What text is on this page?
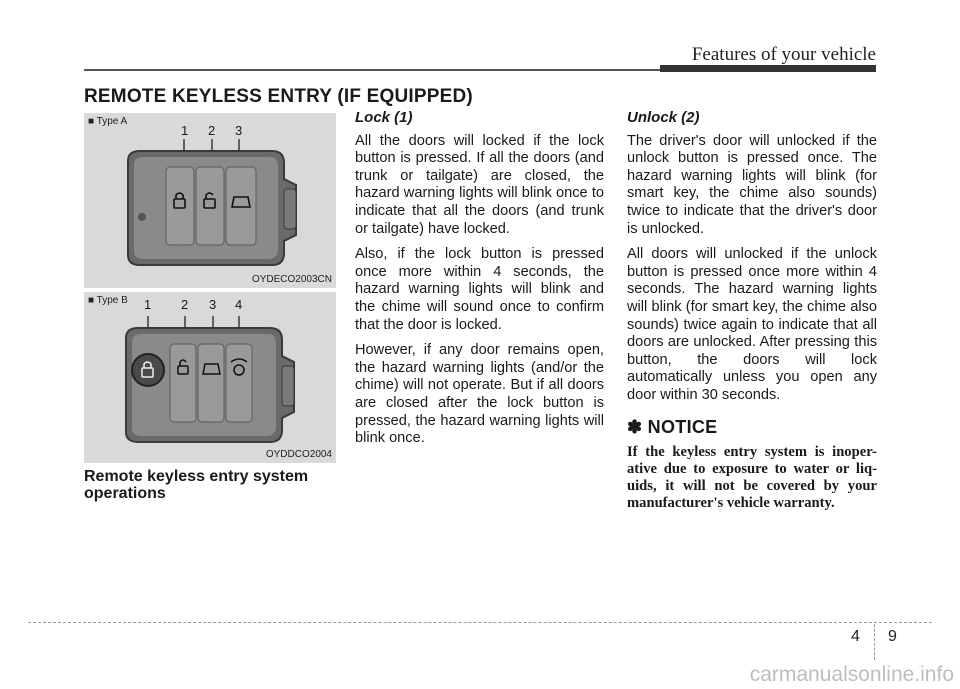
Features of your vehicle
REMOTE KEYLESS ENTRY (IF EQUIPPED)
■ Type A
1 2 3
OYDECO2003CN
■ Type B 1 2 3 4
OYDDCO2004
Remote keyless entry system operations
Lock (1)

All the doors will locked if the lock button is pressed. If all the doors (and trunk or tailgate) are closed, the hazard warning lights will blink once to indicate that all the doors (and trunk or tailgate) have locked.

Also, if the lock button is pressed once more within 4 seconds, the hazard warning lights will blink and the chime will sound once to confirm that the door is locked.

However, if any door remains open, the hazard warning lights (and/or the chime) will not operate. But if all doors are closed after the lock button is pressed, the hazard warning lights will blink once.

Unlock (2)

The driver's door will unlocked if the unlock button is pressed once. The hazard warning lights will blink (for smart key, the chime also sounds) twice to indicate that the driver's door is unlocked.

All doors will unlocked if the unlock button is pressed once more within 4 seconds. The hazard warning lights will blink (for smart key, the chime also sounds) twice again to indicate that all doors are unlocked. After pressing this button, the doors will lock automatically unless you open any door within 30 seconds.

✽ NOTICE

If the keyless entry system is inoper-ative due to exposure to water or liq-uids, it will not be covered by your manufacturer's vehicle warranty.

4 9
carmanualsonline.info
